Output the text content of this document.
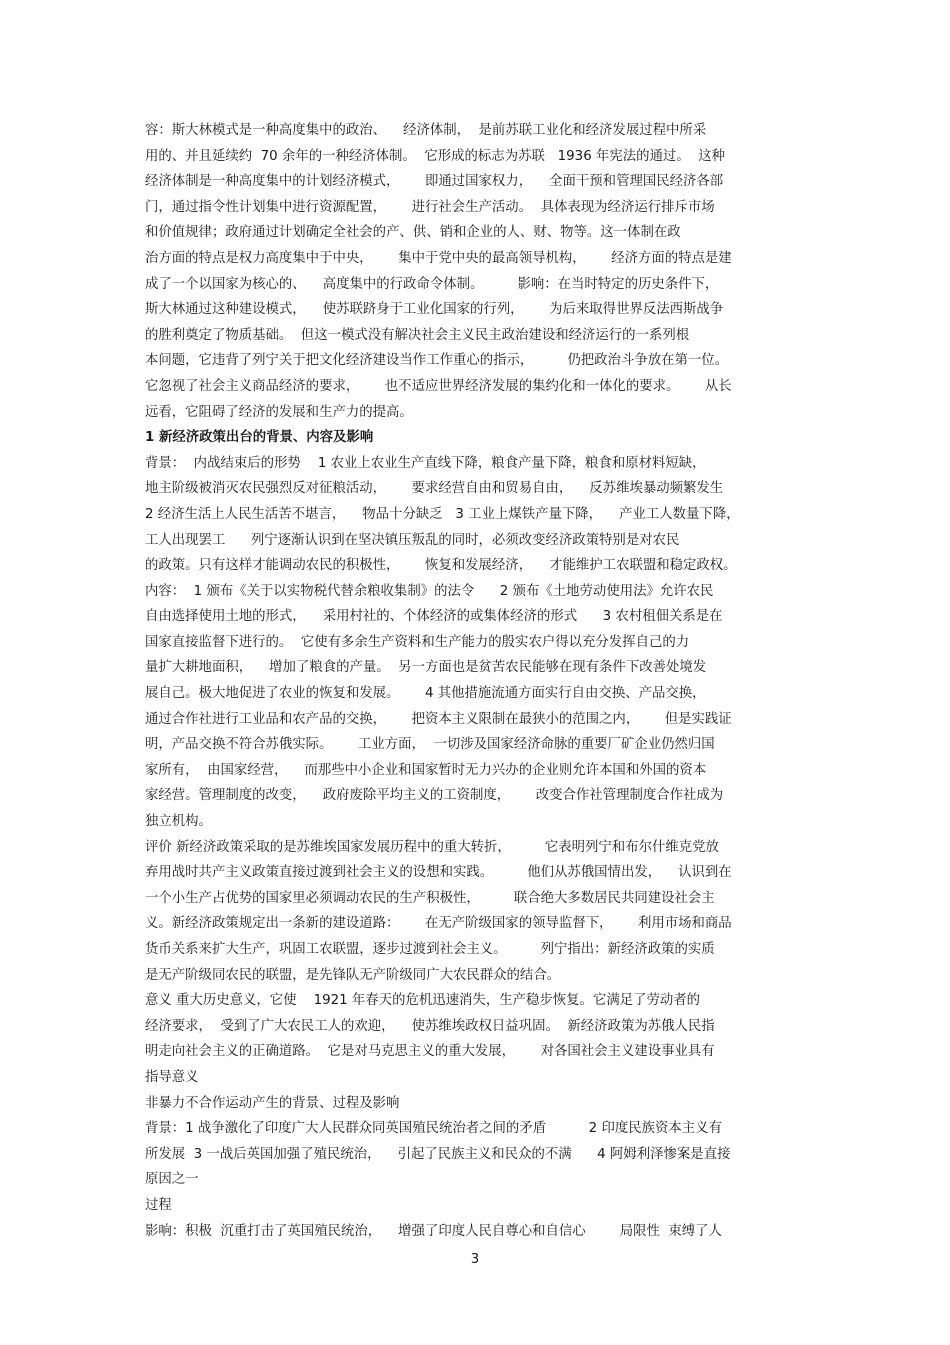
容：斯大林模式是一种高度集中的政治、    经济体制，  是前苏联工业化和经济发展过程中所采
用的、并且延续约  70 余年的一种经济体制。  它形成的标志为苏联   1936 年宪法的通过。  这种
经济体制是一种高度集中的计划经济模式，      即通过国家权力，    全面干预和管理国民经济各部
门，通过指令性计划集中进行资源配置，      进行社会生产活动。  具体表现为经济运行排斥市场
和价值规律；政府通过计划确定全社会的产、供、销和企业的人、财、物等。这一体制在政
治方面的特点是权力高度集中于中央，      集中于党中央的最高领导机构，      经济方面的特点是建
成了一个以国家为核心的、    高度集中的行政命令体制。        影响：在当时特定的历史条件下，
斯大林通过这种建设模式，    使苏联跻身于工业化国家的行列，      为后来取得世界反法西斯战争
的胜利奠定了物质基础。  但这一模式没有解决社会主义民主政治建设和经济运行的一系列根
本问题，它违背了列宁关于把文化经济建设当作工作重心的指示，        仍把政治斗争放在第一位。
它忽视了社会主义商品经济的要求，      也不适应世界经济发展的集约化和一体化的要求。      从长
远看，它阻碍了经济的发展和生产力的提高。
1 新经济政策出台的背景、内容及影响
背景：  内战结束后的形势    1 农业上农业生产直线下降，粮食产量下降，粮食和原材料短缺，
地主阶级被消灭农民强烈反对征粮活动，      要求经营自由和贸易自由，    反苏维埃暴动频繁发生
2 经济生活上人民生活苦不堪言，    物品十分缺乏   3 工业上煤铁产量下降，    产业工人数量下降，
工人出现罢工      列宁逐渐认识到在坚决镇压叛乱的同时，必须改变经济政策特别是对农民
的政策。只有这样才能调动农民的积极性，      恢复和发展经济，    才能维护工农联盟和稳定政权。
内容：  1 颁布《关于以实物税代替余粮收集制》的法令      2 颁布《土地劳动使用法》允许农民
自由选择使用土地的形式，    采用村社的、个体经济的或集体经济的形式      3 农村租佃关系是在
国家直接监督下进行的。  它使有多余生产资料和生产能力的殷实农户得以充分发挥自己的力
量扩大耕地面积，    增加了粮食的产量。  另一方面也是贫苦农民能够在现有条件下改善处境发
展自己。极大地促进了农业的恢复和发展。      4 其他措施流通方面实行自由交换、产品交换，
通过合作社进行工业品和农产品的交换，      把资本主义限制在最狭小的范围之内，      但是实践证
明，产品交换不符合苏俄实际。      工业方面，  一切涉及国家经济命脉的重要厂矿企业仍然归国
家所有，  由国家经营，    而那些中小企业和国家暂时无力兴办的企业则允许本国和外国的资本
家经营。管理制度的改变，    政府废除平均主义的工资制度，      改变合作社管理制度合作社成为
独立机构。
评价 新经济政策采取的是苏维埃国家发展历程中的重大转折，        它表明列宁和布尔什维克党放
弃用战时共产主义政策直接过渡到社会主义的设想和实践。        他们从苏俄国情出发，    认识到在
一个小生产占优势的国家里必须调动农民的生产积极性，        联合绝大多数居民共同建设社会主
义。新经济政策规定出一条新的建设道路：      在无产阶级国家的领导监督下，      利用市场和商品
货币关系来扩大生产，巩固工农联盟，逐步过渡到社会主义。        列宁指出：新经济政策的实质
是无产阶级同农民的联盟，是先锋队无产阶级同广大农民群众的结合。
意义 重大历史意义，它使    1921 年春天的危机迅速消失，生产稳步恢复。它满足了劳动者的
经济要求，  受到了广大农民工人的欢迎，    使苏维埃政权日益巩固。  新经济政策为苏俄人民指
明走向社会主义的正确道路。  它是对马克思主义的重大发展，      对各国社会主义建设事业具有
指导意义
非暴力不合作运动产生的背景、过程及影响
背景：1 战争激化了印度广大人民群众同英国殖民统治者之间的矛盾          2 印度民族资本主义有
所发展  3 一战后英国加强了殖民统治，    引起了民族主义和民众的不满      4 阿姆利泽惨案是直接
原因之一
过程
影响：积极  沉重打击了英国殖民统治，    增强了印度人民自尊心和自信心        局限性  束缚了人
3
